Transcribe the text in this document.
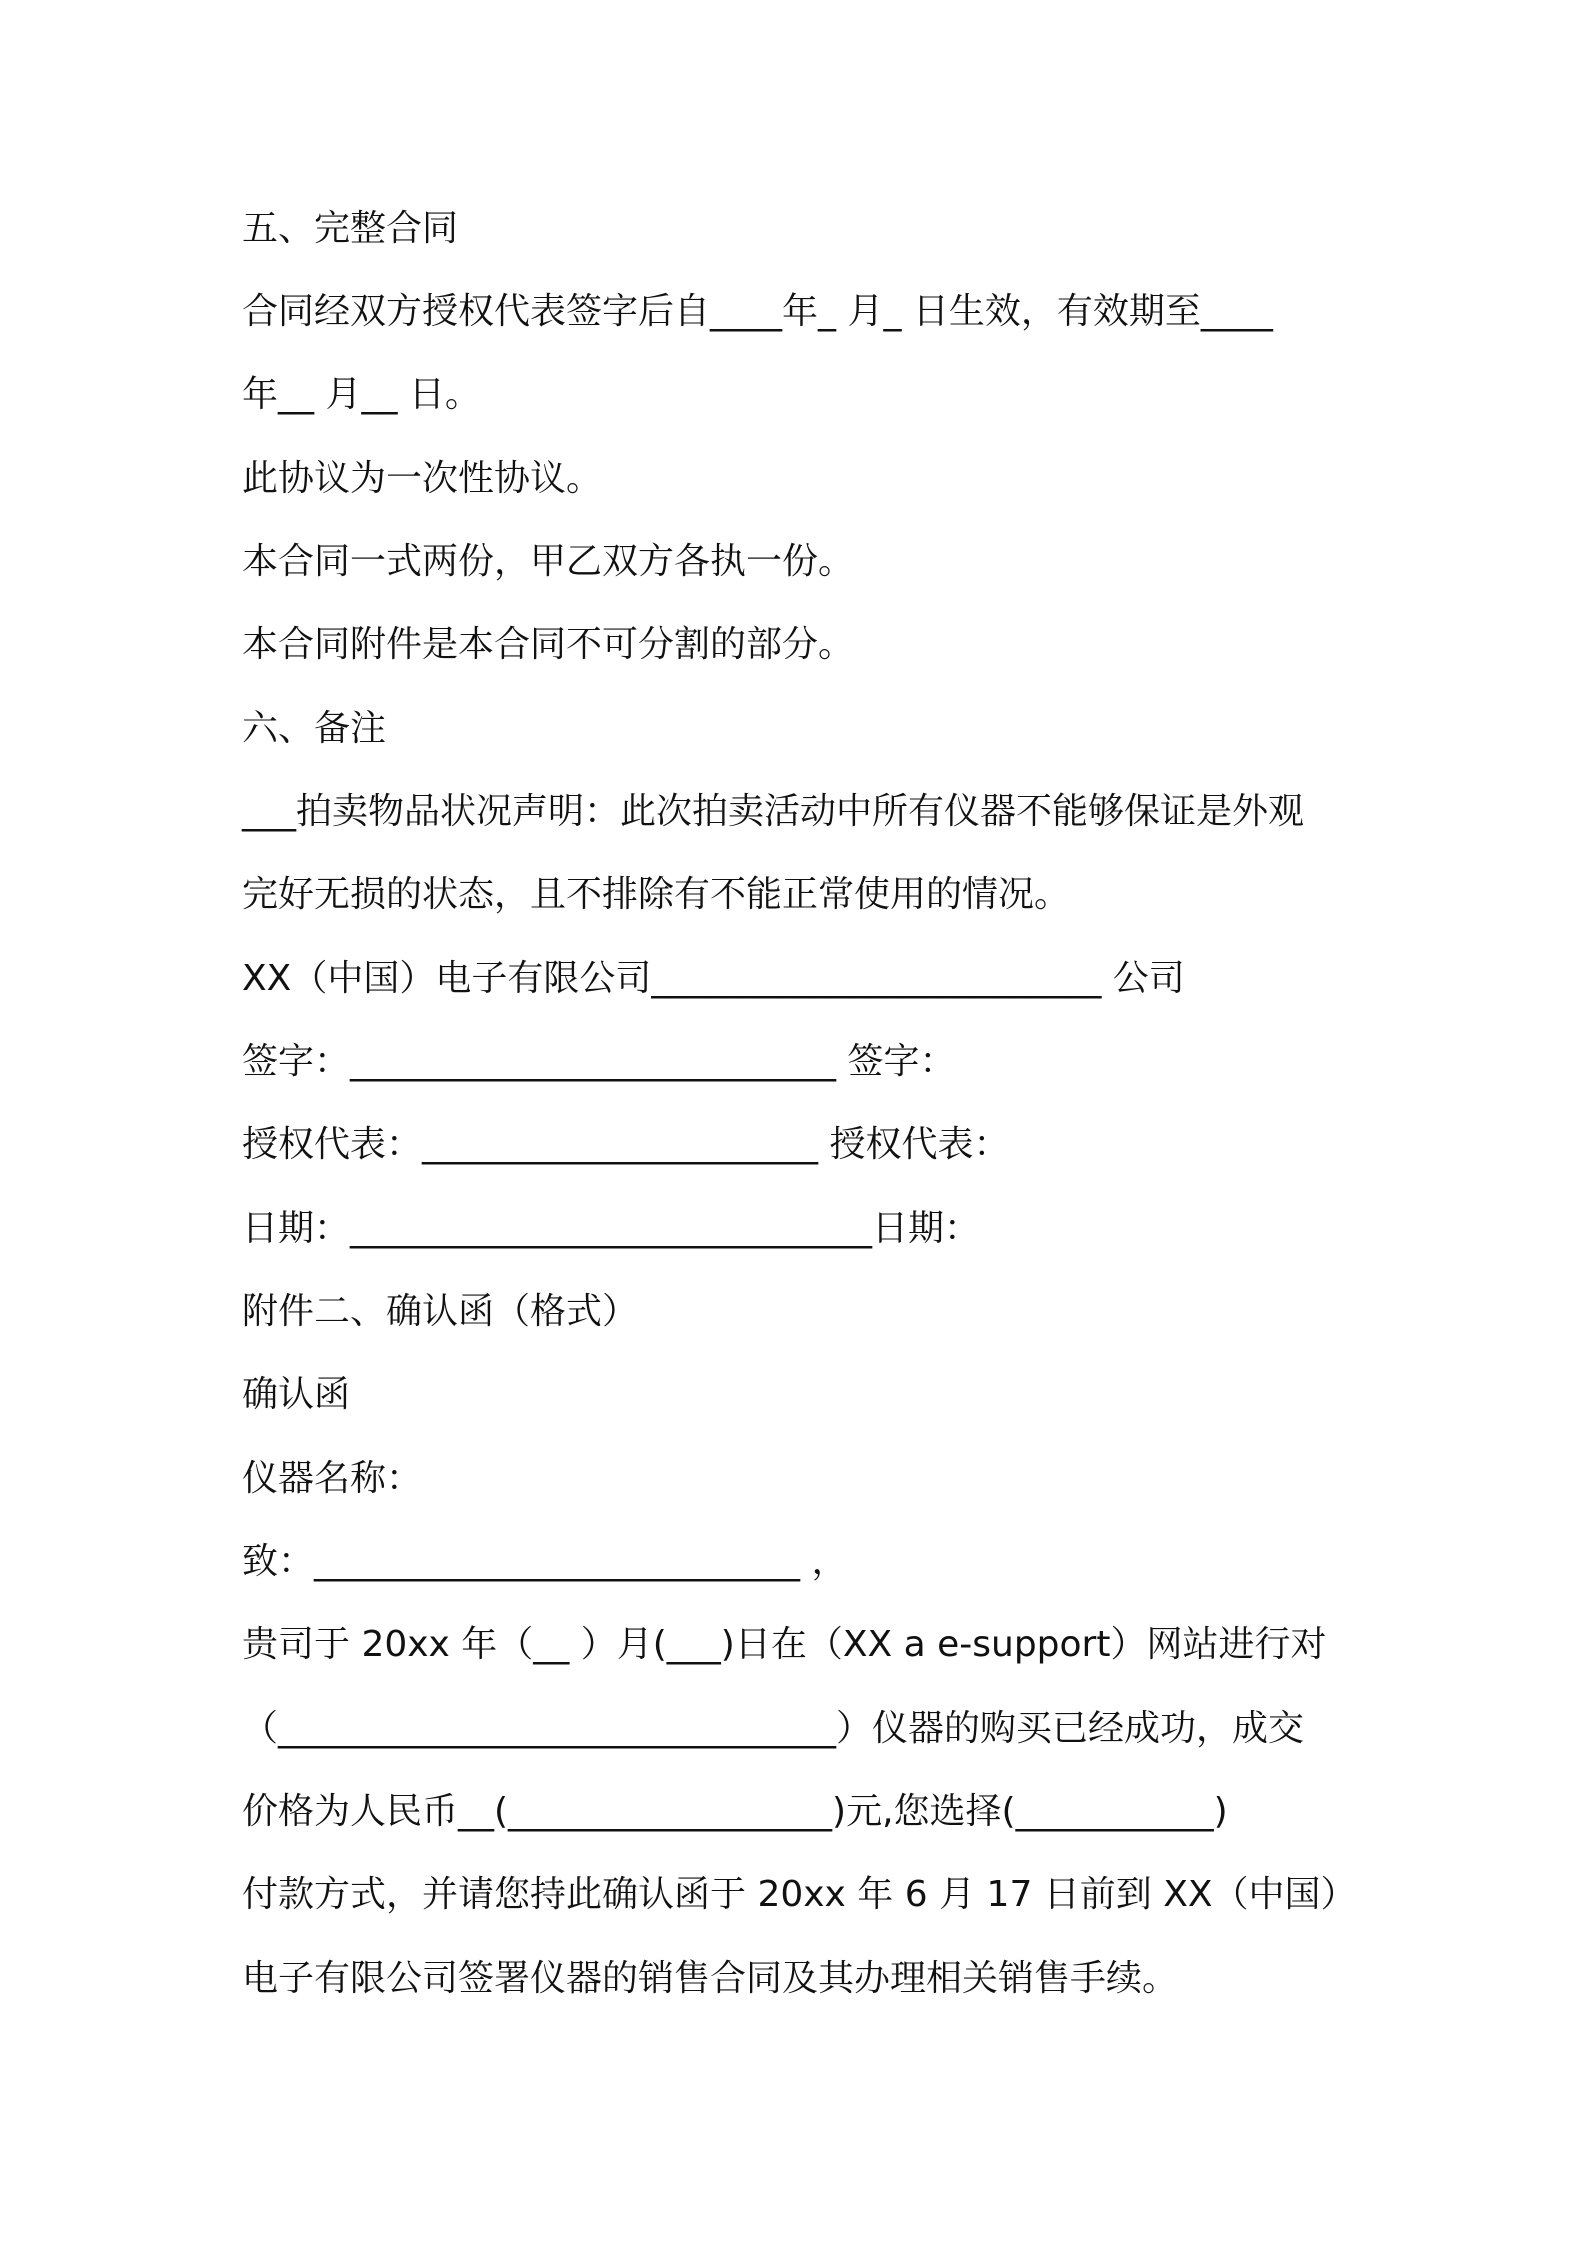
五、完整合同
合同经双方授权代表签字后自____年_ 月_ 日生效，有效期至____
年__ 月__ 日。
此协议为一次性协议。
本合同一式两份，甲乙双方各执一份。
本合同附件是本合同不可分割的部分。
六、备注
___拍卖物品状况声明：此次拍卖活动中所有仪器不能够保证是外观
完好无损的状态，且不排除有不能正常使用的情况。
XX（中国）电子有限公司_________________________ 公司
签字：___________________________ 签字：
授权代表：______________________ 授权代表：
日期：_____________________________日期：
附件二、确认函（格式）
确认函
仪器名称：
致：___________________________ ，
贵司于 20xx 年（__ ）月(___)日在（XX a e-support）网站进行对
（_______________________________）仪器的购买已经成功，成交
价格为人民币__(__________________)元,您选择(___________)
付款方式，并请您持此确认函于 20xx 年 6 月 17 日前到 XX（中国）
电子有限公司签署仪器的销售合同及其办理相关销售手续。
